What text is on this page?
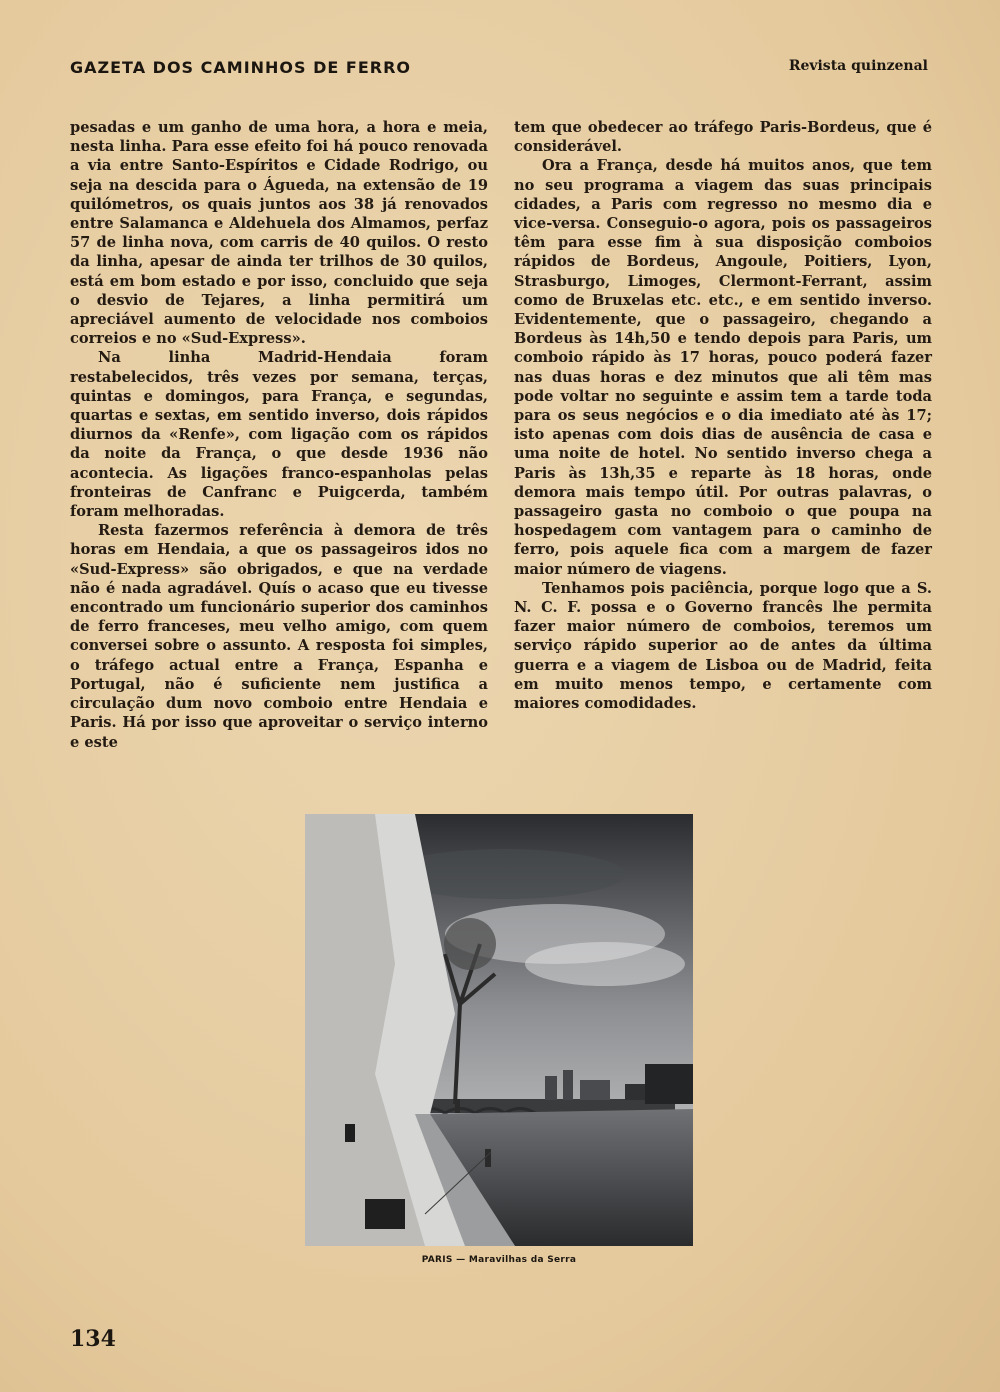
GAZETA DOS CAMINHOS DE FERRO	Revista quinzenal

pesadas e um ganho de uma hora, a hora e meia, nesta linha. Para esse efeito foi há pouco renovada a via entre Santo-Espíritos e Cidade Rodrigo, ou seja na descida para o Águeda, na extensão de 19 quilómetros, os quais juntos aos 38 já renovados entre Salamanca e Aldehuela dos Almamos, perfaz 57 de linha nova, com carris de 40 quilos. O resto da linha, apesar de ainda ter trilhos de 30 quilos, está em bom estado e por isso, concluido que seja o desvio de Tejares, a linha permitirá um apreciável aumento de velocidade nos comboios correios e no «Sud-Express».

Na linha Madrid-Hendaia foram restabelecidos, três vezes por semana, terças, quintas e domingos, para França, e segundas, quartas e sextas, em sentido inverso, dois rápidos diurnos da «Renfe», com ligação com os rápidos da noite da França, o que desde 1936 não acontecia. As ligações franco-espanholas pelas fronteiras de Canfranc e Puigcerda, também foram melhoradas.

Resta fazermos referência à demora de três horas em Hendaia, a que os passageiros idos no «Sud-Express» são obrigados, e que na verdade não é nada agradável. Quís o acaso que eu tivesse encontrado um funcionário superior dos caminhos de ferro franceses, meu velho amigo, com quem conversei sobre o assunto. A resposta foi simples, o tráfego actual entre a França, Espanha e Portugal, não é suficiente nem justifica a circulação dum novo comboio entre Hendaia e Paris. Há por isso que aproveitar o serviço interno e este

tem que obedecer ao tráfego Paris-Bordeus, que é considerável.

Ora a França, desde há muitos anos, que tem no seu programa a viagem das suas principais cidades, a Paris com regresso no mesmo dia e vice-versa. Conseguio-o agora, pois os passageiros têm para esse fim à sua disposição comboios rápidos de Bordeus, Angoule, Poitiers, Lyon, Strasburgo, Limoges, Clermont-Ferrant, assim como de Bruxelas etc. etc., e em sentido inverso. Evidentemente, que o passageiro, chegando a Bordeus às 14h,50 e tendo depois para Paris, um comboio rápido às 17 horas, pouco poderá fazer nas duas horas e dez minutos que ali têm mas pode voltar no seguinte e assim tem a tarde toda para os seus negócios e o dia imediato até às 17; isto apenas com dois dias de ausência de casa e uma noite de hotel. No sentido inverso chega a Paris às 13h,35 e reparte às 18 horas, onde demora mais tempo útil. Por outras palavras, o passageiro gasta no comboio o que poupa na hospedagem com vantagem para o caminho de ferro, pois aquele fica com a margem de fazer maior número de viagens.

Tenhamos pois paciência, porque logo que a S. N. C. F. possa e o Governo francês lhe permita fazer maior número de comboios, teremos um serviço rápido superior ao de antes da última guerra e a viagem de Lisboa ou de Madrid, feita em muito menos tempo, e certamente com maiores comodidades.

PARIS — Maravilhas da Serra
134
